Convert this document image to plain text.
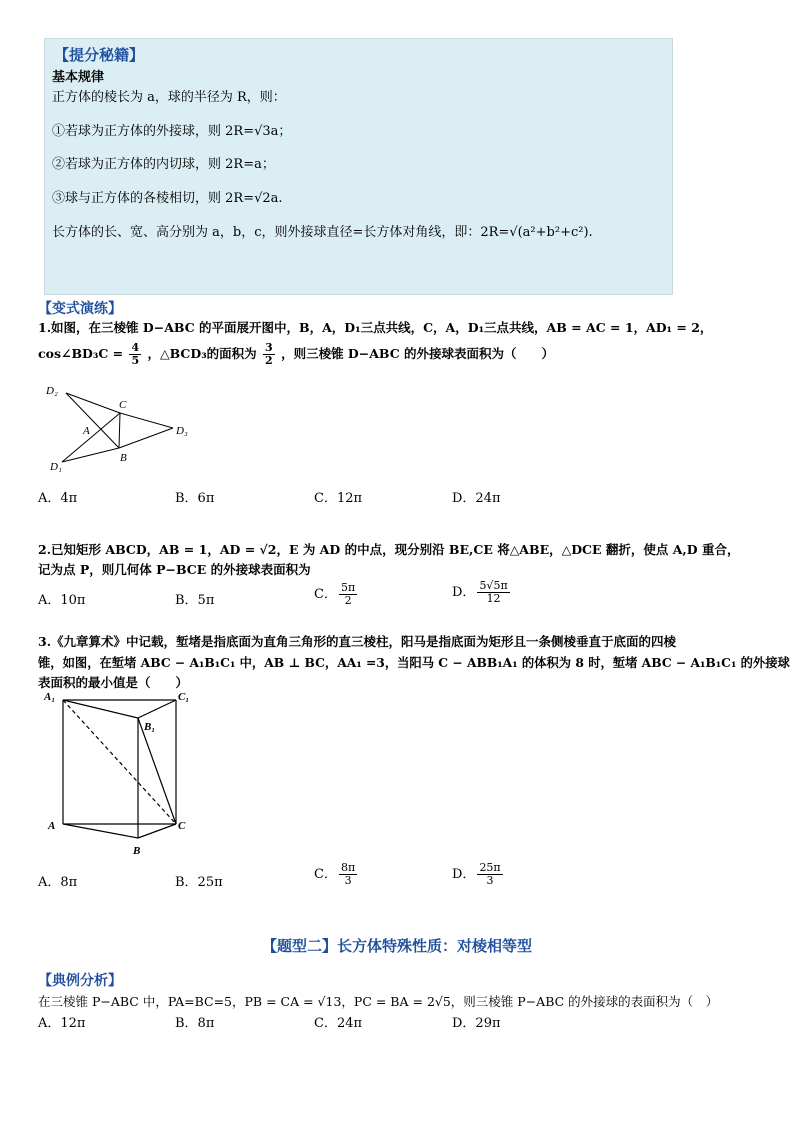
【提分秘籍】
基本规律
正方体的棱长为 a，球的半径为 R，则：
①若球为正方体的外接球，则 2R=√3a；
②若球为正方体的内切球，则 2R=a；
③球与正方体的各棱相切，则 2R=√2a.
长方体的长、宽、高分别为 a，b，c，则外接球直径=长方体对角线，即：2R=√(a²+b²+c²).
【变式演练】
1.如图，在三棱锥 D−ABC 的平面展开图中，B，A，D₁三点共线，C，A，D₁三点共线，AB = AC = 1，AD₁ = 2，
cos∠BD₃C = $\frac{4}{5}$ ，△BCD₃的面积为 $\frac{3}{2}$ ，则三棱锥 D−ABC 的外接球表面积为（　　）
D₂
C
A	D₃
B
D₁
A．4π	B．6π	C．12π	D．24π
2.已知矩形 ABCD，AB = 1，AD = √2，E 为 AD 的中点，现分别沿 BE,CE 将△ABE，△DCE 翻折，使点 A,D 重合，
记为点 P，则几何体 P−BCE 的外接球表面积为
A．10π	B．5π	C． $\frac{5\pi}{2}$	D． $\frac{5√5\pi}{12}$
3.《九章算术》中记载，堑堵是指底面为直角三角形的直三棱柱，阳马是指底面为矩形且一条侧棱垂直于底面的四棱
锥，如图，在堑堵 ABC − A₁B₁C₁ 中，AB ⊥ BC，AA₁ =3，当阳马 C − ABB₁A₁ 的体积为 8 时，堑堵 ABC − A₁B₁C₁ 的外接球
表面积的最小值是（　　）
A₁	C₁
B₁
A	C
B
A．8π	B．25π
C． $\frac{8\pi}{3}$	D． $\frac{25\pi}{3}$
【题型二】长方体特殊性质：对棱相等型
【典例分析】
在三棱锥 P−ABC 中，PA=BC=5，PB = CA = √13，PC = BA = 2√5，则三棱锥 P−ABC 的外接球的表面积为（　）
A．12π	B．8π	C．24π	D．29π
